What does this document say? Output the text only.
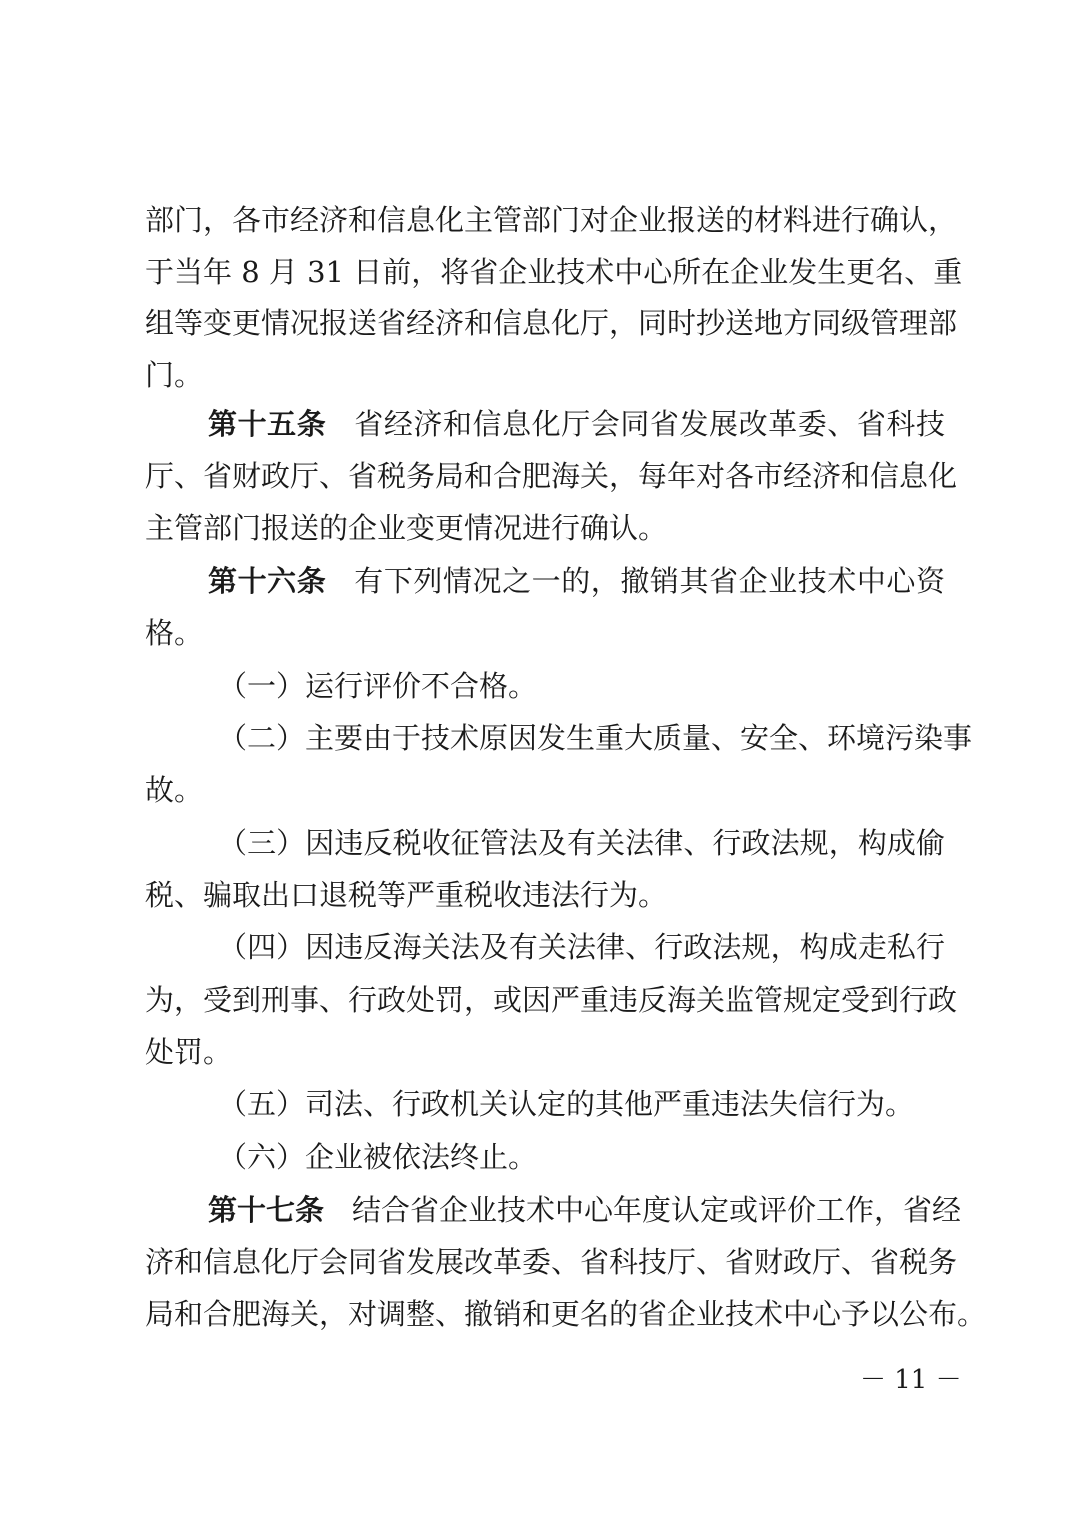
部门，各市经济和信息化主管部门对企业报送的材料进行确认，
于当年 8 月 31 日前，将省企业技术中心所在企业发生更名、重
组等变更情况报送省经济和信息化厅，同时抄送地方同级管理部
门。
第十五条 省经济和信息化厅会同省发展改革委、省科技
厅、省财政厅、省税务局和合肥海关，每年对各市经济和信息化
主管部门报送的企业变更情况进行确认。
第十六条 有下列情况之一的，撤销其省企业技术中心资
格。
（一）运行评价不合格。
（二）主要由于技术原因发生重大质量、安全、环境污染事
故。
（三）因违反税收征管法及有关法律、行政法规，构成偷
税、骗取出口退税等严重税收违法行为。
（四）因违反海关法及有关法律、行政法规，构成走私行
为，受到刑事、行政处罚，或因严重违反海关监管规定受到行政
处罚。
（五）司法、行政机关认定的其他严重违法失信行为。
（六）企业被依法终止。
第十七条 结合省企业技术中心年度认定或评价工作，省经
济和信息化厅会同省发展改革委、省科技厅、省财政厅、省税务
局和合肥海关，对调整、撤销和更名的省企业技术中心予以公布。
－ 11 －
